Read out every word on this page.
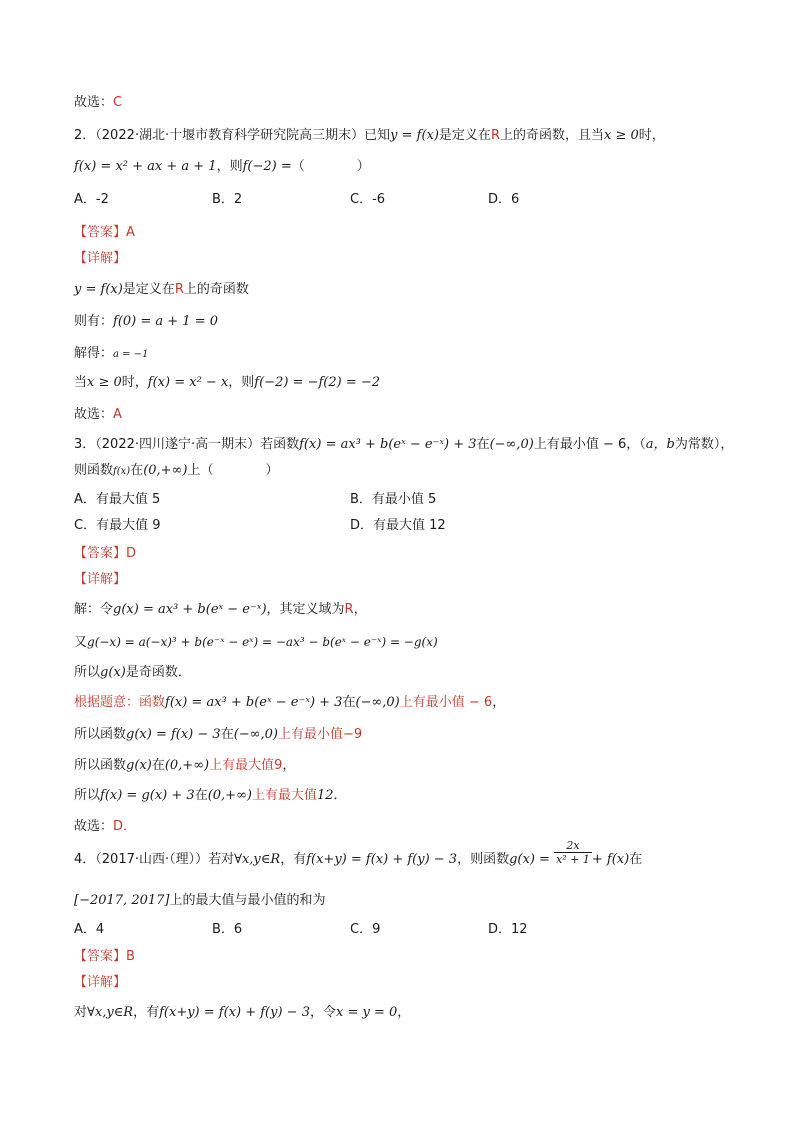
故选：C
2．（2022·湖北·十堰市教育科学研究院高三期末）已知y = f(x)是定义在R上的奇函数，且当x ≥ 0时，
f(x) = x² + ax + a + 1，则f(−2) =（　　　　）
A．-2	B．2	C．-6	D．6
【答案】A
【详解】
y = f(x)是定义在R上的奇函数
则有：f(0) = a + 1 = 0
解得：a = −1
当x ≥ 0时，f(x) = x² − x，则f(−2) = −f(2) = −2
故选：A
3．（2022·四川遂宁·高一期末）若函数f(x) = ax³ + b(eˣ − e⁻ˣ) + 3在(−∞,0)上有最小值 − 6，（a，b为常数），
则函数f(x)在(0,+∞)上（　　　　）
A．有最大值 5	B．有最小值 5
C．有最大值 9	D．有最大值 12
【答案】D
【详解】
解：令g(x) = ax³ + b(eˣ − e⁻ˣ)，其定义域为R，
又g(−x) = a(−x)³ + b(e⁻ˣ − eˣ) = −ax³ − b(eˣ − e⁻ˣ) = −g(x)
所以g(x)是奇函数．
根据题意：函数f(x) = ax³ + b(eˣ − e⁻ˣ) + 3在(−∞,0)上有最小值 − 6，
所以函数g(x) = f(x) − 3在(−∞,0)上有最小值−9
所以函数g(x)在(0,+∞)上有最大值9，
所以f(x) = g(x) + 3在(0,+∞)上有最大值12．
故选：D．
4．（2017·山西·（理））若对∀x,y∈R，有f(x+y) = f(x) + f(y) − 3，则函数$g(x) = \frac{2x}{\text{x² + 1}} + f(x)$在
[−2017, 2017]上的最大值与最小值的和为
A．4	B．6	C．9	D．12
【答案】B
【详解】
对∀x,y∈R，有f(x+y) = f(x) + f(y) − 3，令x = y = 0，
